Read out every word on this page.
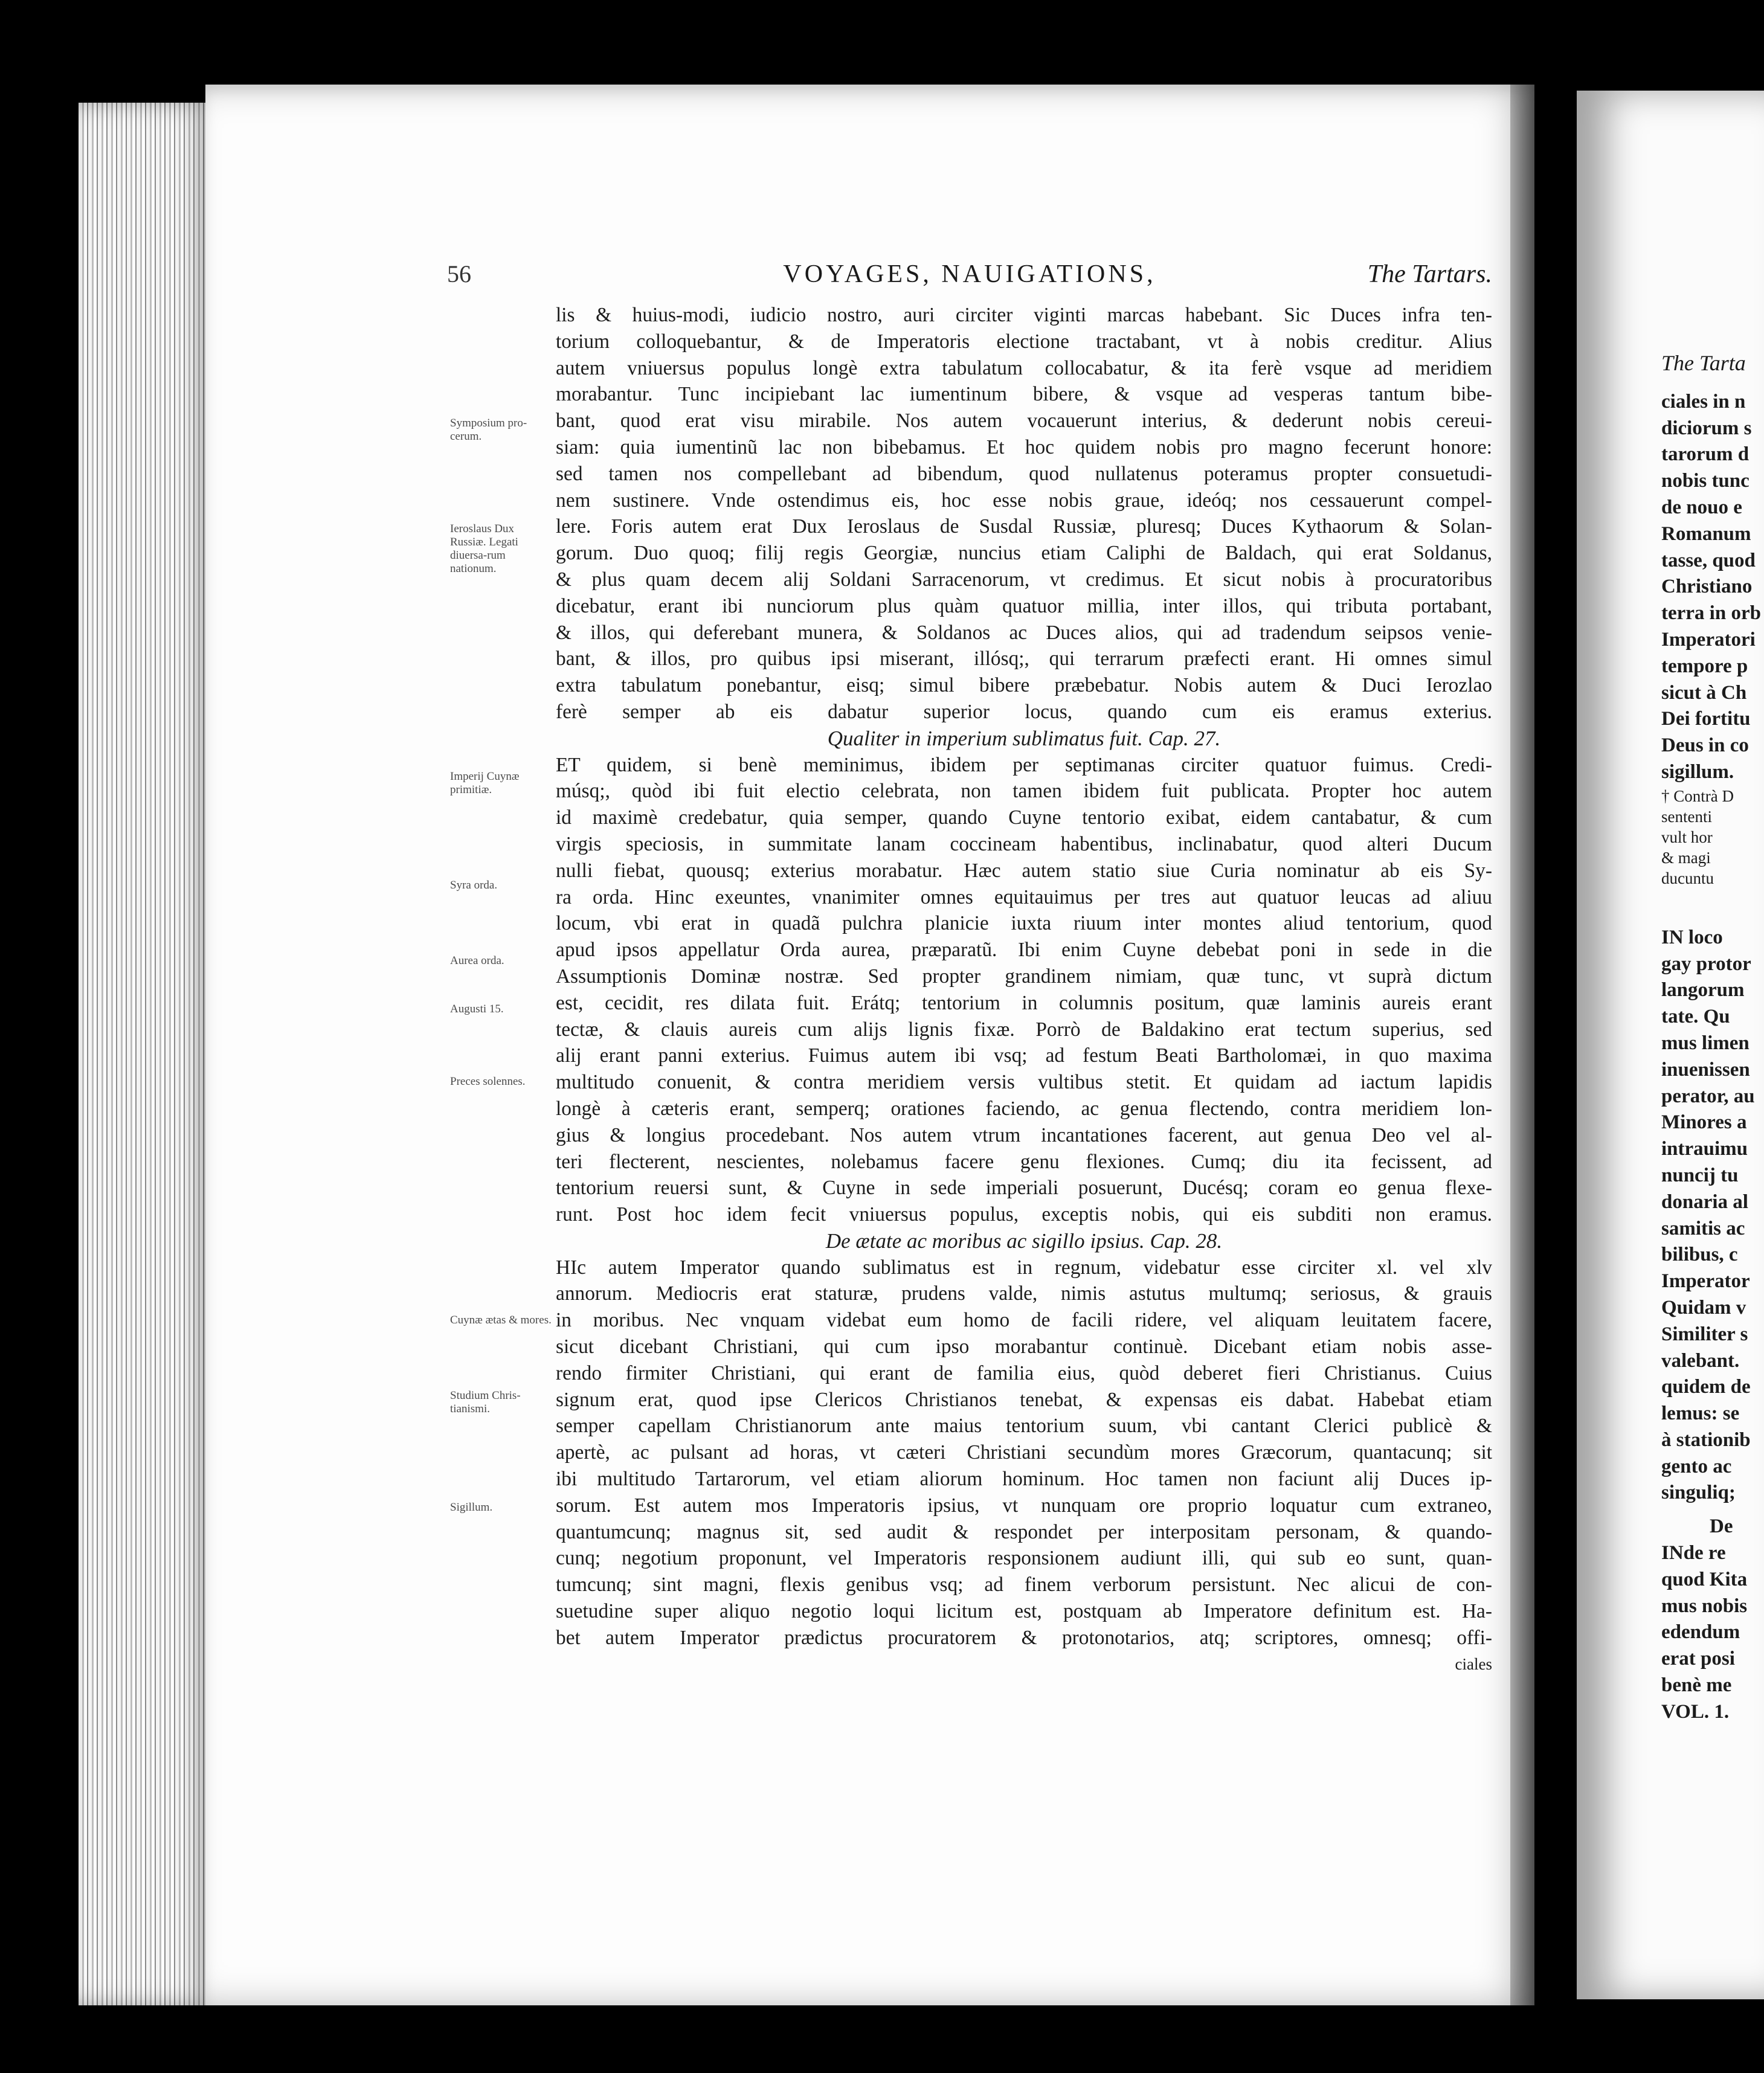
The Tarta
ciales in n
diciorum s
tarorum d
nobis tunc
de nouo e
Romanum
tasse, quod
Christiano
terra in orb
Imperatori
tempore p
sicut à Ch
Dei fortitu
Deus in co
sigillum.
† Contrà D
sententi
vult hor
& magi
ducuntu
IN loco
gay protor
langorum
tate. Qu
mus limen
inuenissen
perator, au
Minores a
intrauimu
nuncij tu
donaria al
samitis ac
bilibus, c
Imperator
Quidam v
Similiter s
valebant.
quidem de
lemus: se
à stationib
gento ac
singuliq;
De
INde re
quod Kita
mus nobis
edendum
erat posi
benè me
VOL. 1.
56	VOYAGES, NAUIGATIONS,	The Tartars.
Symposium pro-cerum.
Ieroslaus Dux Russiæ. Legati diuersa-rum nationum.
Imperij Cuynæ primitiæ.
Syra orda.
Aurea orda.
Augusti 15.
Preces solennes.
Cuynæ ætas & mores.
Studium Chris-tianismi.
Sigillum.
lis & huius-modi, iudicio nostro, auri circiter viginti marcas habebant. Sic Duces infra ten-
torium colloquebantur, & de Imperatoris electione tractabant, vt à nobis creditur. Alius
autem vniuersus populus longè extra tabulatum collocabatur, & ita ferè vsque ad meridiem
morabantur. Tunc incipiebant lac iumentinum bibere, & vsque ad vesperas tantum bibe-
bant, quod erat visu mirabile. Nos autem vocauerunt interius, & dederunt nobis cereui-
siam: quia iumentinũ lac non bibebamus. Et hoc quidem nobis pro magno fecerunt honore:
sed tamen nos compellebant ad bibendum, quod nullatenus poteramus propter consuetudi-
nem sustinere. Vnde ostendimus eis, hoc esse nobis graue, ideóq; nos cessauerunt compel-
lere. Foris autem erat Dux Ieroslaus de Susdal Russiæ, pluresq; Duces Kythaorum & Solan-
gorum. Duo quoq; filij regis Georgiæ, nuncius etiam Caliphi de Baldach, qui erat Soldanus,
& plus quam decem alij Soldani Sarracenorum, vt credimus. Et sicut nobis à procuratoribus
dicebatur, erant ibi nunciorum plus quàm quatuor millia, inter illos, qui tributa portabant,
& illos, qui deferebant munera, & Soldanos ac Duces alios, qui ad tradendum seipsos venie-
bant, & illos, pro quibus ipsi miserant, illósq;, qui terrarum præfecti erant. Hi omnes simul
extra tabulatum ponebantur, eisq; simul bibere præbebatur. Nobis autem & Duci Ierozlao
ferè semper ab eis dabatur superior locus, quando cum eis eramus exterius.
Qualiter in imperium sublimatus fuit. Cap. 27.
ET quidem, si benè meminimus, ibidem per septimanas circiter quatuor fuimus. Credi-
músq;, quòd ibi fuit electio celebrata, non tamen ibidem fuit publicata. Propter hoc autem
id maximè credebatur, quia semper, quando Cuyne tentorio exibat, eidem cantabatur, & cum
virgis speciosis, in summitate lanam coccineam habentibus, inclinabatur, quod alteri Ducum
nulli fiebat, quousq; exterius morabatur. Hæc autem statio siue Curia nominatur ab eis Sy-
ra orda. Hinc exeuntes, vnanimiter omnes equitauimus per tres aut quatuor leucas ad aliuu
locum, vbi erat in quadã pulchra planicie iuxta riuum inter montes aliud tentorium, quod
apud ipsos appellatur Orda aurea, præparatũ. Ibi enim Cuyne debebat poni in sede in die
Assumptionis Dominæ nostræ. Sed propter grandinem nimiam, quæ tunc, vt suprà dictum
est, cecidit, res dilata fuit. Erátq; tentorium in columnis positum, quæ laminis aureis erant
tectæ, & clauis aureis cum alijs lignis fixæ. Porrò de Baldakino erat tectum superius, sed
alij erant panni exterius. Fuimus autem ibi vsq; ad festum Beati Bartholomæi, in quo maxima
multitudo conuenit, & contra meridiem versis vultibus stetit. Et quidam ad iactum lapidis
longè à cæteris erant, semperq; orationes faciendo, ac genua flectendo, contra meridiem lon-
gius & longius procedebant. Nos autem vtrum incantationes facerent, aut genua Deo vel al-
teri flecterent, nescientes, nolebamus facere genu flexiones. Cumq; diu ita fecissent, ad
tentorium reuersi sunt, & Cuyne in sede imperiali posuerunt, Ducésq; coram eo genua flexe-
runt. Post hoc idem fecit vniuersus populus, exceptis nobis, qui eis subditi non eramus.
De ætate ac moribus ac sigillo ipsius. Cap. 28.
HIc autem Imperator quando sublimatus est in regnum, videbatur esse circiter xl. vel xlv
annorum. Mediocris erat staturæ, prudens valde, nimis astutus multumq; seriosus, & grauis
in moribus. Nec vnquam videbat eum homo de facili ridere, vel aliquam leuitatem facere,
sicut dicebant Christiani, qui cum ipso morabantur continuè. Dicebant etiam nobis asse-
rendo firmiter Christiani, qui erant de familia eius, quòd deberet fieri Christianus. Cuius
signum erat, quod ipse Clericos Christianos tenebat, & expensas eis dabat. Habebat etiam
semper capellam Christianorum ante maius tentorium suum, vbi cantant Clerici publicè &
apertè, ac pulsant ad horas, vt cæteri Christiani secundùm mores Græcorum, quantacunq; sit
ibi multitudo Tartarorum, vel etiam aliorum hominum. Hoc tamen non faciunt alij Duces ip-
sorum. Est autem mos Imperatoris ipsius, vt nunquam ore proprio loquatur cum extraneo,
quantumcunq; magnus sit, sed audit & respondet per interpositam personam, & quando-
cunq; negotium proponunt, vel Imperatoris responsionem audiunt illi, qui sub eo sunt, quan-
tumcunq; sint magni, flexis genibus vsq; ad finem verborum persistunt. Nec alicui de con-
suetudine super aliquo negotio loqui licitum est, postquam ab Imperatore definitum est. Ha-
bet autem Imperator prædictus procuratorem & protonotarios, atq; scriptores, omnesq; offi-
ciales
